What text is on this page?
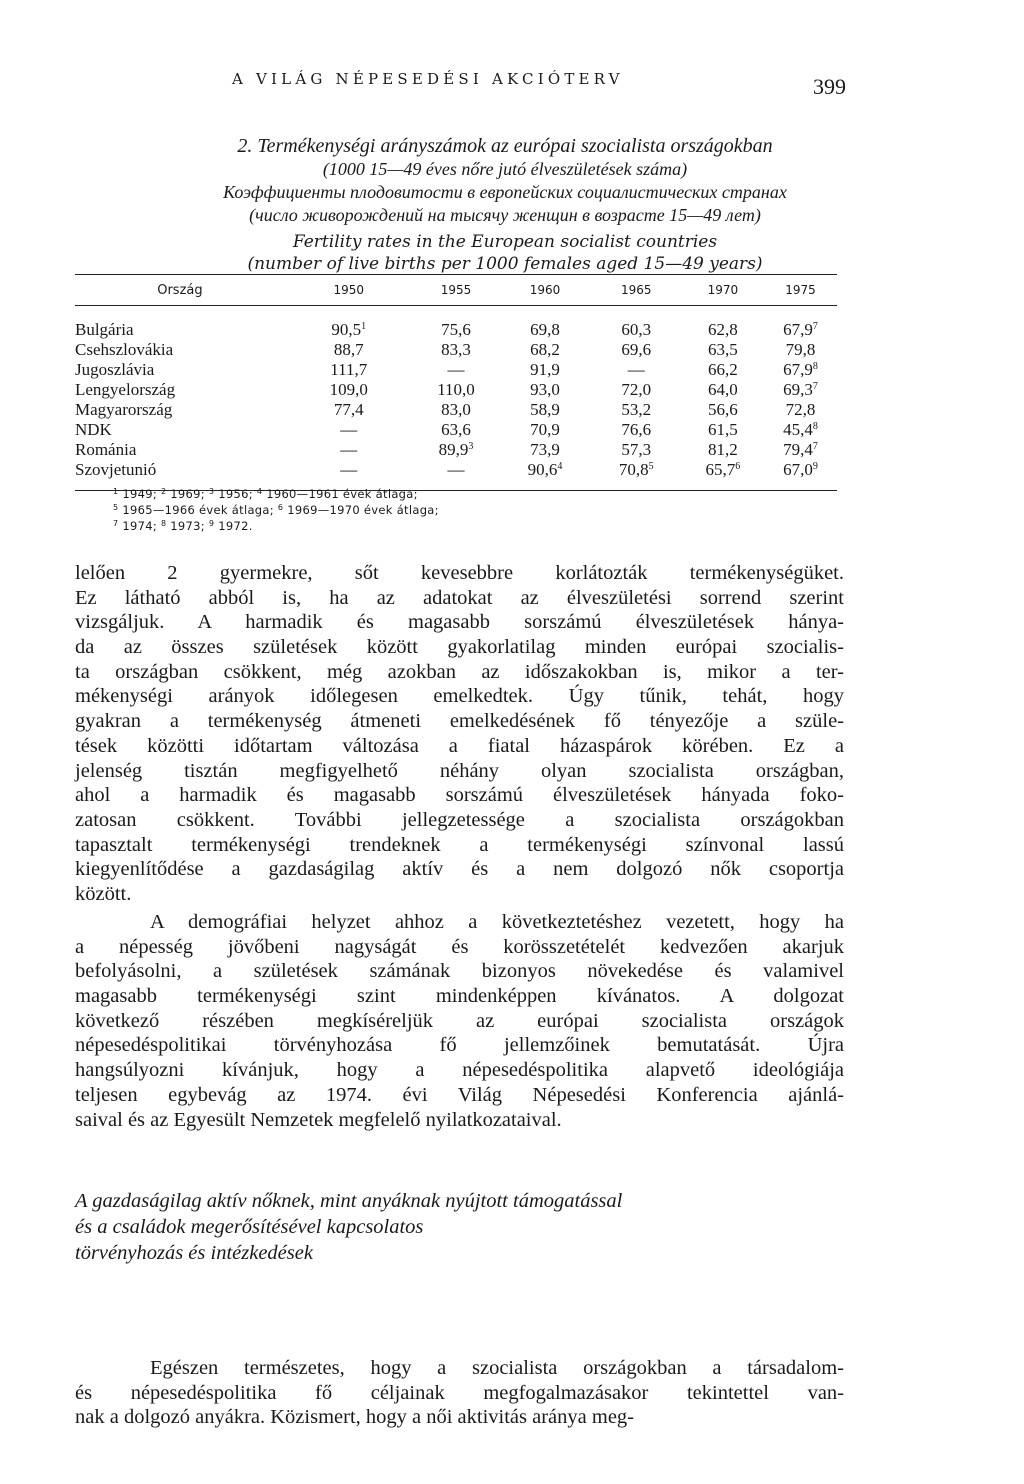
A VILÁG NÉPESEDÉSI AKCIÓTERV	399
2. Termékenységi arányszámok az európai szocialista országokban
(1000 15—49 éves nőre jutó élveszületések száma)
Коэффициенты плодовитости в европейских социалистических странах
(число живорождений на тысячу женщин в возрасте 15—49 лет)
Fertility rates in the European socialist countries
(number of live births per 1000 females aged 15—49 years)
Ország	1950	1955	1960	1965	1970	1975
Bulgária	90,5$^1$	75,6	69,8	60,3	62,8	67,9$^7$
Csehszlovákia	88,7	83,3	68,2	69,6	63,5	79,8
Jugoszlávia	111,7	—	91,9	—	66,2	67,9$^8$
Lengyelország	109,0	110,0	93,0	72,0	64,0	69,3$^7$
Magyarország	77,4	83,0	58,9	53,2	56,6	72,8
NDK	—	63,6	70,9	76,6	61,5	45,4$^8$
Románia	—	89,9$^3$	73,9	57,3	81,2	79,4$^7$
Szovjetunió	—	—	90,6$^4$	70,8$^5$	65,7$^6$	67,0$^9$
$^1$ 1949; $^2$ 1969; $^3$ 1956; $^4$ 1960—1961 évek átlaga;
$^5$ 1965—1966 évek átlaga; $^6$ 1969—1970 évek átlaga;
$^7$ 1974; $^8$ 1973; $^9$ 1972.
lelően 2 gyermekre, sőt kevesebbre korlátozták termékenységüket.
Ez látható abból is, ha az adatokat az élveszületési sorrend szerint
vizsgáljuk. A harmadik és magasabb sorszámú élveszületések hánya-
da az összes születések között gyakorlatilag minden európai szocialis-
ta országban csökkent, még azokban az időszakokban is, mikor a ter-
mékenységi arányok időlegesen emelkedtek. Úgy tűnik, tehát, hogy
gyakran a termékenység átmeneti emelkedésének fő tényezője a szüle-
tések közötti időtartam változása a fiatal házaspárok körében. Ez a
jelenség tisztán megfigyelhető néhány olyan szocialista országban,
ahol a harmadik és magasabb sorszámú élveszületések hányada foko-
zatosan csökkent. További jellegzetessége a szocialista országokban
tapasztalt termékenységi trendeknek a termékenységi színvonal lassú
kiegyenlítődése a gazdaságilag aktív és a nem dolgozó nők csoportja
között.
A demográfiai helyzet ahhoz a következtetéshez vezetett, hogy ha
a népesség jövőbeni nagyságát és korösszetételét kedvezően akarjuk
befolyásolni, a születések számának bizonyos növekedése és valamivel
magasabb termékenységi szint mindenképpen kívánatos. A dolgozat
következő részében megkíséreljük az európai szocialista országok
népesedéspolitikai törvényhozása fő jellemzőinek bemutatását. Újra
hangsúlyozni kívánjuk, hogy a népesedéspolitika alapvető ideológiája
teljesen egybevág az 1974. évi Világ Népesedési Konferencia ajánlá-
saival és az Egyesült Nemzetek megfelelő nyilatkozataival.
A gazdaságilag aktív nőknek, mint anyáknak nyújtott támogatással
és a családok megerősítésével kapcsolatos
törvényhozás és intézkedések
Egészen természetes, hogy a szocialista országokban a társadalom-
és népesedéspolitika fő céljainak megfogalmazásakor tekintettel van-
nak a dolgozó anyákra. Közismert, hogy a női aktivitás aránya meg-
